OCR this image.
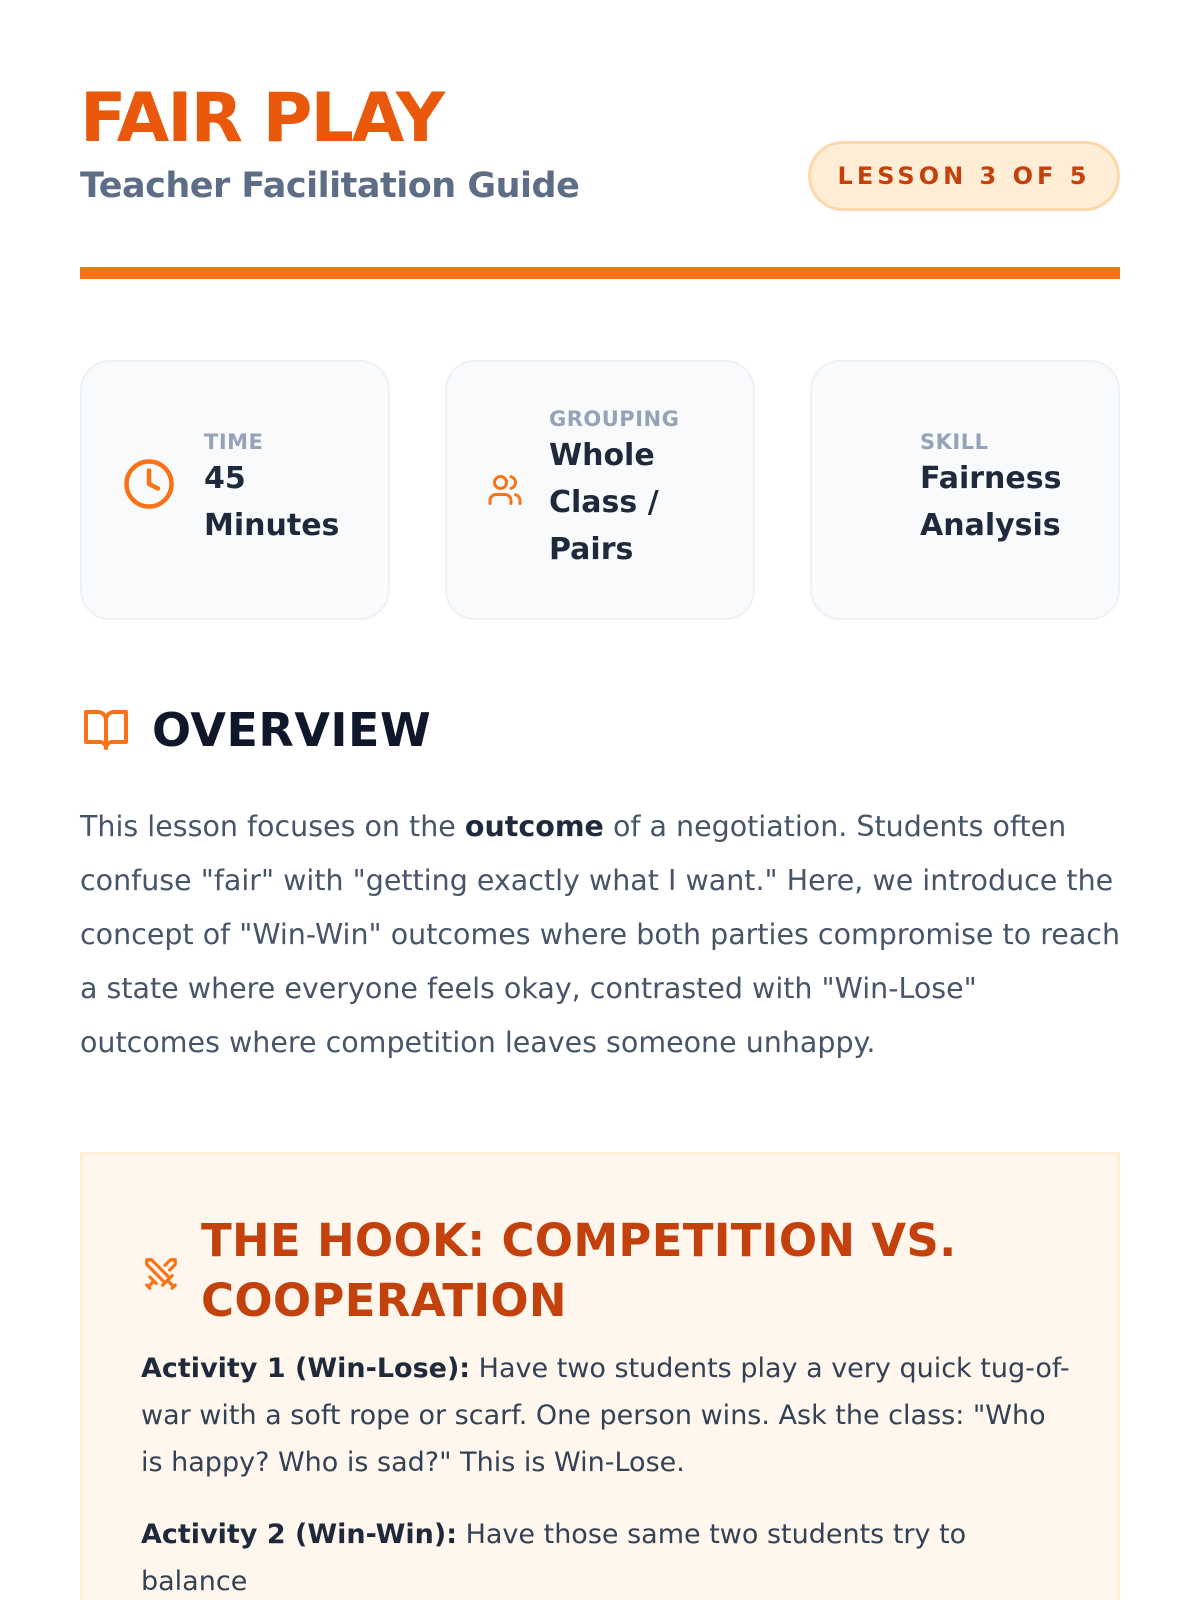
FAIR PLAY
Teacher Facilitation Guide	LESSON 3 OF 5
TIME
45 Minutes
GROUPING
Whole Class / Pairs
SKILL
Fairness Analysis
OVERVIEW

This lesson focuses on the outcome of a negotiation. Students often confuse "fair" with "getting exactly what I want." Here, we introduce the concept of "Win-Win" outcomes where both parties compromise to reach a state where everyone feels okay, contrasted with "Win-Lose" outcomes where competition leaves someone unhappy.

THE HOOK: COMPETITION VS. COOPERATION

Activity 1 (Win-Lose): Have two students play a very quick tug-of-war with a soft rope or scarf. One person wins. Ask the class: "Who is happy? Who is sad?" This is Win-Lose.

Activity 2 (Win-Win): Have those same two students try to balance
